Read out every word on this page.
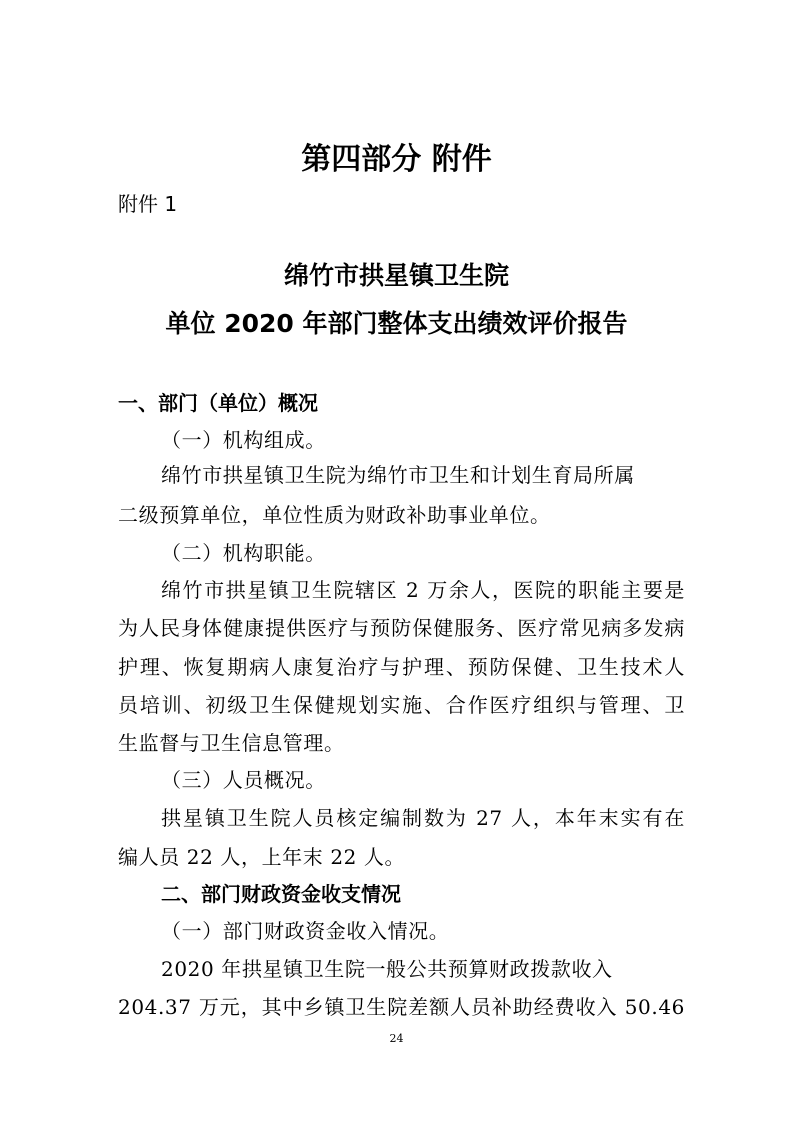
第四部分 附件
附件 1
绵竹市拱星镇卫生院
单位 2020 年部门整体支出绩效评价报告
一、部门（单位）概况
（一）机构组成。
绵竹市拱星镇卫生院为绵竹市卫生和计划生育局所属
二级预算单位，单位性质为财政补助事业单位。
（二）机构职能。
绵竹市拱星镇卫生院辖区 2 万余人，医院的职能主要是
为人民身体健康提供医疗与预防保健服务、医疗常见病多发病
护理、恢复期病人康复治疗与护理、预防保健、卫生技术人
员培训、初级卫生保健规划实施、合作医疗组织与管理、卫
生监督与卫生信息管理。
（三）人员概况。
拱星镇卫生院人员核定编制数为 27 人，本年末实有在
编人员 22 人，上年末 22 人。
二、部门财政资金收支情况
（一）部门财政资金收入情况。
2020 年拱星镇卫生院一般公共预算财政拨款收入
204.37 万元，其中乡镇卫生院差额人员补助经费收入 50.46
24
